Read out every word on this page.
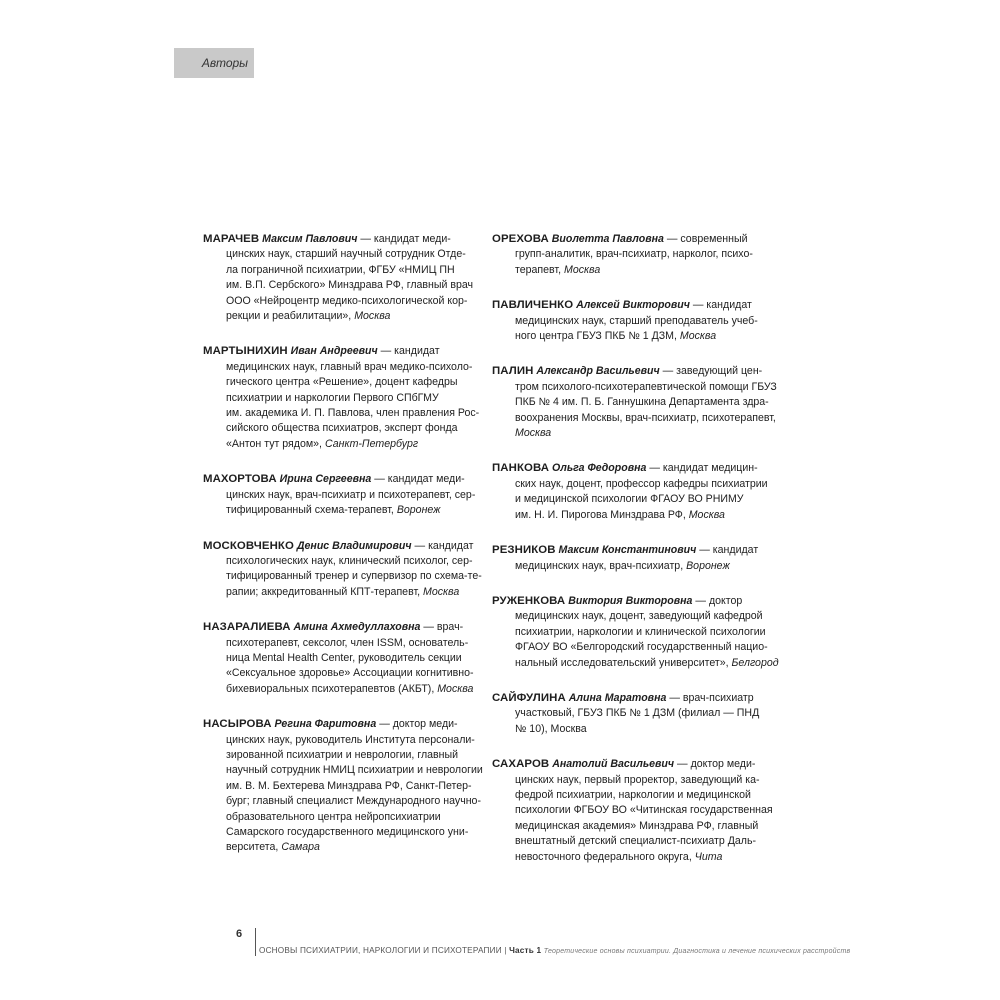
Авторы
МАРАЧЕВ Максим Павлович — кандидат меди-
цинских наук, старший научный сотрудник Отде-
ла пограничной психиатрии, ФГБУ «НМИЦ ПН
им. В.П. Сербского» Минздрава РФ, главный врач
ООО «Нейроцентр медико-психологической кор-
рекции и реабилитации», Москва
МАРТЫНИХИН Иван Андреевич — кандидат
медицинских наук, главный врач медико-психоло-
гического центра «Решение», доцент кафедры
психиатрии и наркологии Первого СПбГМУ
им. академика И. П. Павлова, член правления Рос-
сийского общества психиатров, эксперт фонда
«Антон тут рядом», Санкт-Петербург
МАХОРТОВА Ирина Сергеевна — кандидат меди-
цинских наук, врач-психиатр и психотерапевт, сер-
тифицированный схема-терапевт, Воронеж
МОСКОВЧЕНКО Денис Владимирович — кандидат
психологических наук, клинический психолог, сер-
тифицированный тренер и супервизор по схема-те-
рапии; аккредитованный КПТ-терапевт, Москва
НАЗАРАЛИЕВА Амина Ахмедуллаховна — врач-
психотерапевт, сексолог, член ISSM, основатель-
ница Mental Health Center, руководитель секции
«Сексуальное здоровье» Ассоциации когнитивно-
бихевиоральных психотерапевтов (АКБТ), Москва
НАСЫРОВА Регина Фаритовна — доктор меди-
цинских наук, руководитель Института персонали-
зированной психиатрии и неврологии, главный
научный сотрудник НМИЦ психиатрии и неврологии
им. В. М. Бехтерева Минздрава РФ, Санкт-Петер-
бург; главный специалист Международного научно-
образовательного центра нейропсихиатрии
Самарского государственного медицинского уни-
верситета, Самара
ОРЕХОВА Виолетта Павловна — современный
групп-аналитик, врач-психиатр, нарколог, психо-
терапевт, Москва
ПАВЛИЧЕНКО Алексей Викторович — кандидат
медицинских наук, старший преподаватель учеб-
ного центра ГБУЗ ПКБ № 1 ДЗМ, Москва
ПАЛИН Александр Васильевич — заведующий цен-
тром психолого-психотерапевтической помощи ГБУЗ
ПКБ № 4 им. П. Б. Ганнушкина Департамента здра-
воохранения Москвы, врач-психиатр, психотерапевт,
Москва
ПАНКОВА Ольга Федоровна — кандидат медицин-
ских наук, доцент, профессор кафедры психиатрии
и медицинской психологии ФГАОУ ВО РНИМУ
им. Н. И. Пирогова Минздрава РФ, Москва
РЕЗНИКОВ Максим Константинович — кандидат
медицинских наук, врач-психиатр, Воронеж
РУЖЕНКОВА Виктория Викторовна — доктор
медицинских наук, доцент, заведующий кафедрой
психиатрии, наркологии и клинической психологии
ФГАОУ ВО «Белгородский государственный нацио-
нальный исследовательский университет», Белгород
САЙФУЛИНА Алина Маратовна — врач-психиатр
участковый, ГБУЗ ПКБ № 1 ДЗМ (филиал — ПНД
№ 10), Москва
САХАРОВ Анатолий Васильевич — доктор меди-
цинских наук, первый проректор, заведующий ка-
федрой психиатрии, наркологии и медицинской
психологии ФГБОУ ВО «Читинская государственная
медицинская академия» Минздрава РФ, главный
внештатный детский специалист-психиатр Даль-
невосточного федерального округа, Чита
6
ОСНОВЫ ПСИХИАТРИИ, НАРКОЛОГИИ И ПСИХОТЕРАПИИ | Часть 1 Теоретические основы психиатрии. Диагностика и лечение психических расстройств
